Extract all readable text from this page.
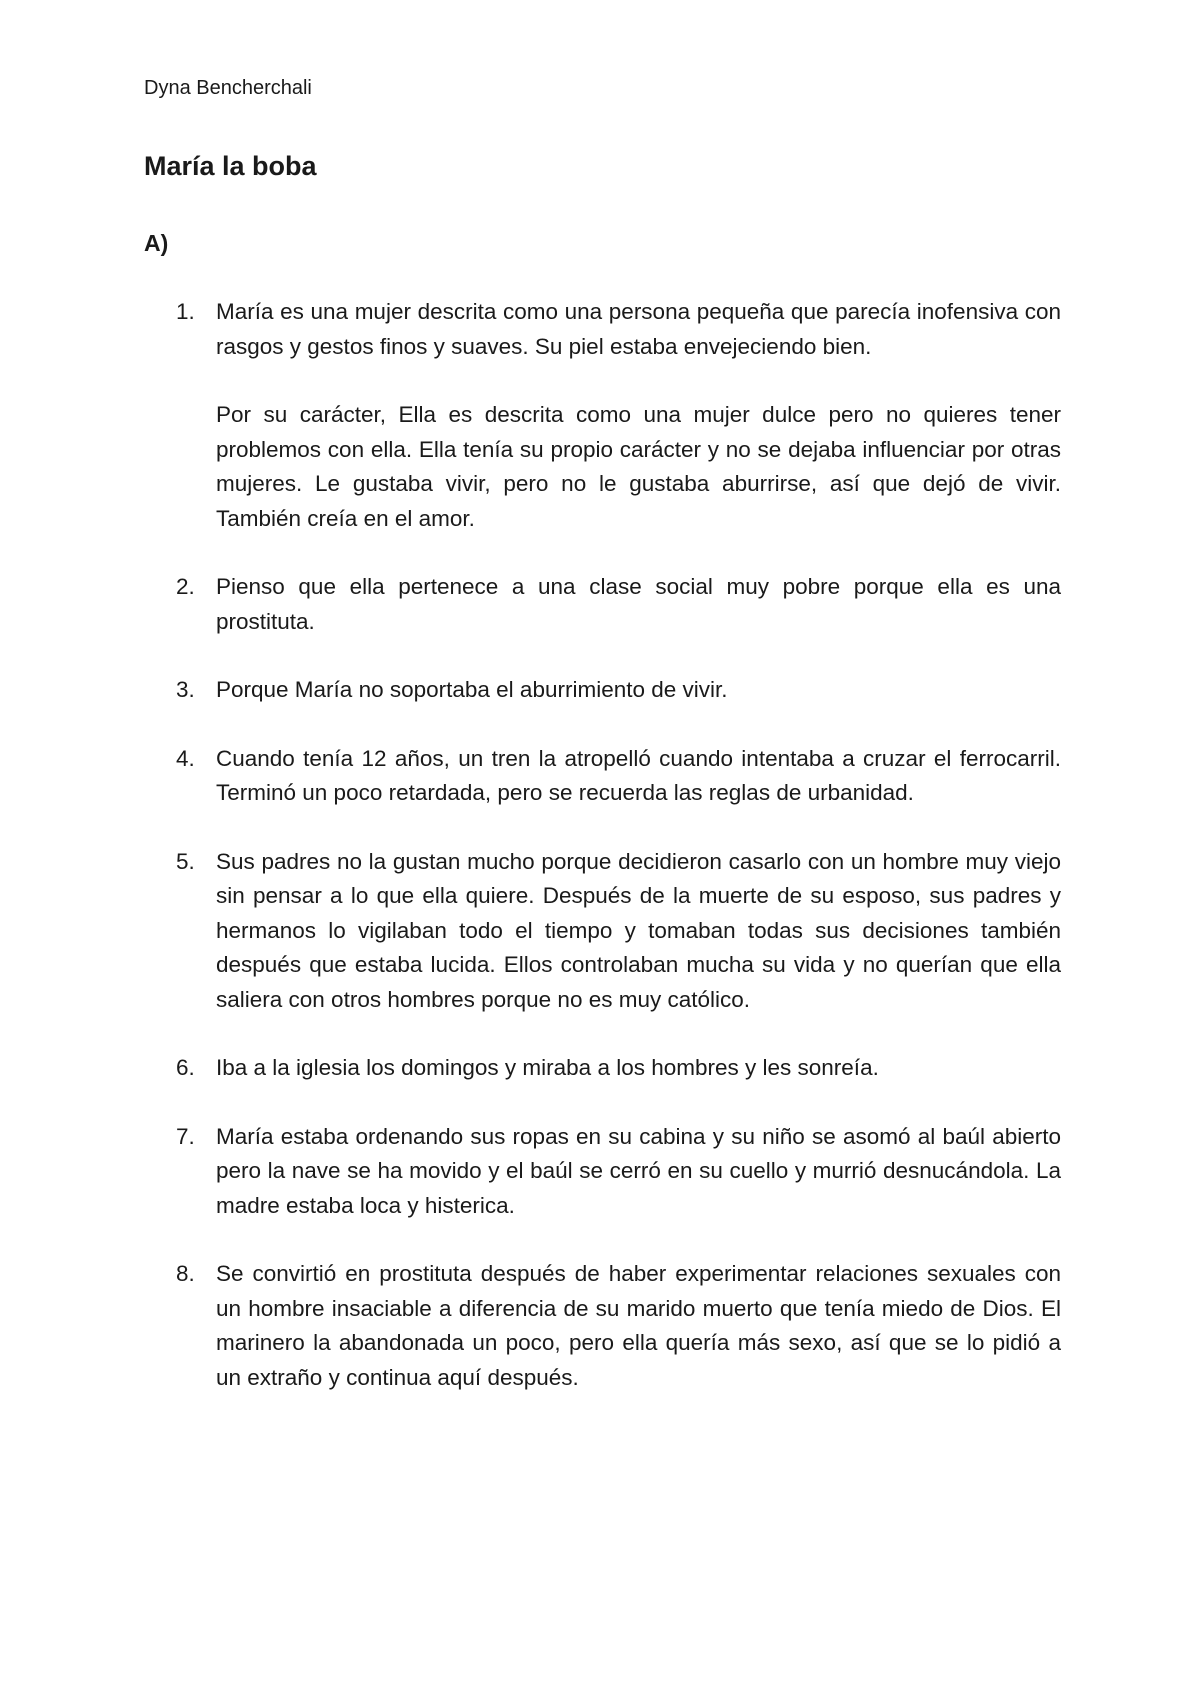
Dyna Bencherchali

María la boba
A)
1. María es una mujer descrita como una persona pequeña que parecía inofensiva con rasgos y gestos finos y suaves. Su piel estaba envejeciendo bien.

Por su carácter, Ella es descrita como una mujer dulce pero no quieres tener problemos con ella. Ella tenía su propio carácter y no se dejaba influenciar por otras mujeres. Le gustaba vivir, pero no le gustaba aburrirse, así que dejó de vivir. También creía en el amor.

2. Pienso que ella pertenece a una clase social muy pobre porque ella es una prostituta.

3. Porque María no soportaba el aburrimiento de vivir.

4. Cuando tenía 12 años, un tren la atropelló cuando intentaba a cruzar el ferrocarril. Terminó un poco retardada, pero se recuerda las reglas de urbanidad.

5. Sus padres no la gustan mucho porque decidieron casarlo con un hombre muy viejo sin pensar a lo que ella quiere. Después de la muerte de su esposo, sus padres y hermanos lo vigilaban todo el tiempo y tomaban todas sus decisiones también después que estaba lucida. Ellos controlaban mucha su vida y no querían que ella saliera con otros hombres porque no es muy católico.

6. Iba a la iglesia los domingos y miraba a los hombres y les sonreía.

7. María estaba ordenando sus ropas en su cabina y su niño se asomó al baúl abierto pero la nave se ha movido y el baúl se cerró en su cuello y murrió desnucándola. La madre estaba loca y histerica.

8. Se convirtió en prostituta después de haber experimentar relaciones sexuales con un hombre insaciable a diferencia de su marido muerto que tenía miedo de Dios. El marinero la abandonada un poco, pero ella quería más sexo, así que se lo pidió a un extraño y continua aquí después.
